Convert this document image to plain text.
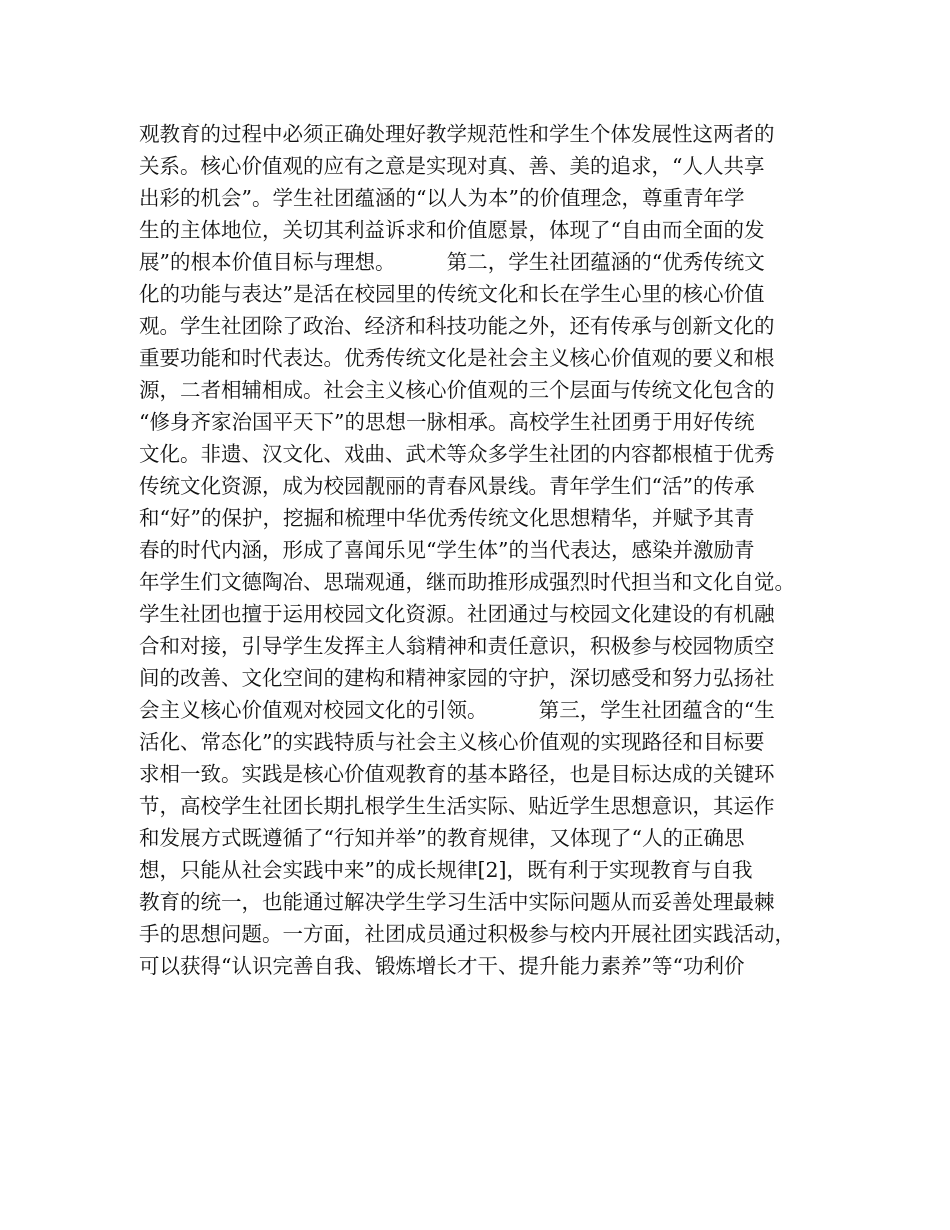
观教育的过程中必须正确处理好教学规范性和学生个体发展性这两者的
关系。核心价值观的应有之意是实现对真、善、美的追求，“人人共享
出彩的机会”。学生社团蕴涵的“以人为本”的价值理念，尊重青年学
生的主体地位，关切其利益诉求和价值愿景，体现了“自由而全面的发
展”的根本价值目标与理想。　　　第二，学生社团蕴涵的“优秀传统文
化的功能与表达”是活在校园里的传统文化和长在学生心里的核心价值
观。学生社团除了政治、经济和科技功能之外，还有传承与创新文化的
重要功能和时代表达。优秀传统文化是社会主义核心价值观的要义和根
源，二者相辅相成。社会主义核心价值观的三个层面与传统文化包含的
“修身齐家治国平天下”的思想一脉相承。高校学生社团勇于用好传统
文化。非遗、汉文化、戏曲、武术等众多学生社团的内容都根植于优秀
传统文化资源，成为校园靓丽的青春风景线。青年学生们“活”的传承
和“好”的保护，挖掘和梳理中华优秀传统文化思想精华，并赋予其青
春的时代内涵，形成了喜闻乐见“学生体”的当代表达，感染并激励青
年学生们文德陶冶、思瑞观通，继而助推形成强烈时代担当和文化自觉。
学生社团也擅于运用校园文化资源。社团通过与校园文化建设的有机融
合和对接，引导学生发挥主人翁精神和责任意识，积极参与校园物质空
间的改善、文化空间的建构和精神家园的守护，深切感受和努力弘扬社
会主义核心价值观对校园文化的引领。　　　第三，学生社团蕴含的“生
活化、常态化”的实践特质与社会主义核心价值观的实现路径和目标要
求相一致。实践是核心价值观教育的基本路径，也是目标达成的关键环
节，高校学生社团长期扎根学生生活实际、贴近学生思想意识，其运作
和发展方式既遵循了“行知并举”的教育规律，又体现了“人的正确思
想，只能从社会实践中来”的成长规律[2]，既有利于实现教育与自我
教育的统一，也能通过解决学生学习生活中实际问题从而妥善处理最棘
手的思想问题。一方面，社团成员通过积极参与校内开展社团实践活动，
可以获得“认识完善自我、锻炼增长才干、提升能力素养”等“功利价
